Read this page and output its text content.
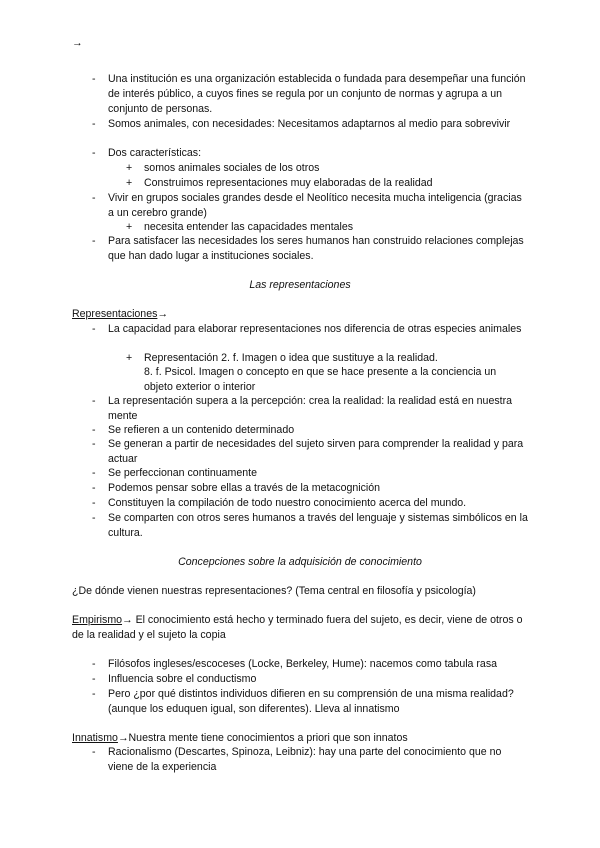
→
- Una institución es una organización establecida o fundada para desempeñar una función de interés público, a cuyos fines se regula por un conjunto de normas y agrupa a un conjunto de personas.
- Somos animales, con necesidades: Necesitamos adaptarnos al medio para sobrevivir
- Dos características:
+ somos animales sociales de los otros
+ Construimos representaciones muy elaboradas de la realidad
- Vivir en grupos sociales grandes desde el Neolítico necesita mucha inteligencia (gracias a un cerebro grande)
+ necesita entender las capacidades mentales
- Para satisfacer las necesidades los seres humanos han construido relaciones complejas que han dado lugar a instituciones sociales.
Las representaciones
Representaciones→
- La capacidad para elaborar representaciones nos diferencia de otras especies animales
+ Representación 2. f. Imagen o idea que sustituye a la realidad.
8. f. Psicol. Imagen o concepto en que se hace presente a la conciencia un objeto exterior o interior
- La representación supera a la percepción: crea la realidad: la realidad está en nuestra mente
- Se refieren a un contenido determinado
- Se generan a partir de necesidades del sujeto sirven para comprender la realidad y para actuar
- Se perfeccionan continuamente
- Podemos pensar sobre ellas a través de la metacognición
- Constituyen la compilación de todo nuestro conocimiento acerca del mundo.
- Se comparten con otros seres humanos a través del lenguaje y sistemas simbólicos en la cultura.
Concepciones sobre la adquisición de conocimiento
¿De dónde vienen nuestras representaciones? (Tema central en filosofía y psicología)
Empirismo→ El conocimiento está hecho y terminado fuera del sujeto, es decir, viene de otros o de la realidad y el sujeto la copia
- Filósofos ingleses/escoceses (Locke, Berkeley, Hume): nacemos como tabula rasa
- Influencia sobre el conductismo
- Pero ¿por qué distintos individuos difieren en su comprensión de una misma realidad? (aunque los eduquen igual, son diferentes). Lleva al innatismo
Innatismo→Nuestra mente tiene conocimientos a priori que son innatos
- Racionalismo (Descartes, Spinoza, Leibniz): hay una parte del conocimiento que no viene de la experiencia
